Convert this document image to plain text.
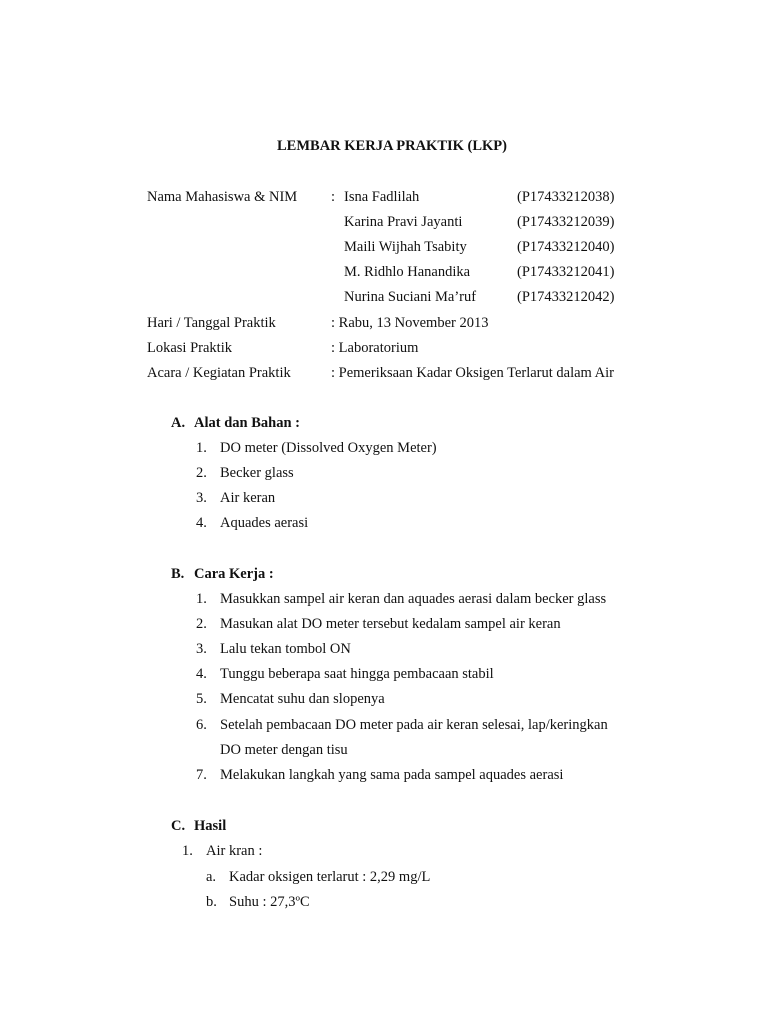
LEMBAR KERJA PRAKTIK (LKP)
Nama Mahasiswa & NIM : Isna Fadlilah	(P17433212038)
Karina Pravi Jayanti	(P17433212039)
Maili Wijhah Tsabity	(P17433212040)
M. Ridhlo Hanandika	(P17433212041)
Nurina Suciani Ma’ruf	(P17433212042)
Hari / Tanggal Praktik	: Rabu, 13 November 2013
Lokasi Praktik	: Laboratorium
Acara / Kegiatan Praktik	: Pemeriksaan Kadar Oksigen Terlarut dalam Air
A. Alat dan Bahan :
1. DO meter (Dissolved Oxygen Meter)
2. Becker glass
3. Air keran
4. Aquades aerasi
B. Cara Kerja :
1. Masukkan sampel air keran dan aquades aerasi dalam becker glass
2. Masukan alat DO meter tersebut kedalam sampel air keran
3. Lalu tekan tombol ON
4. Tunggu beberapa saat hingga pembacaan stabil
5. Mencatat suhu dan slopenya
6. Setelah pembacaan DO meter pada air keran selesai, lap/keringkan
DO meter dengan tisu
7. Melakukan langkah yang sama pada sampel aquades aerasi
C. Hasil
1. Air kran :
a. Kadar oksigen terlarut : 2,29 mg/L
b. Suhu : 27,3ºC
